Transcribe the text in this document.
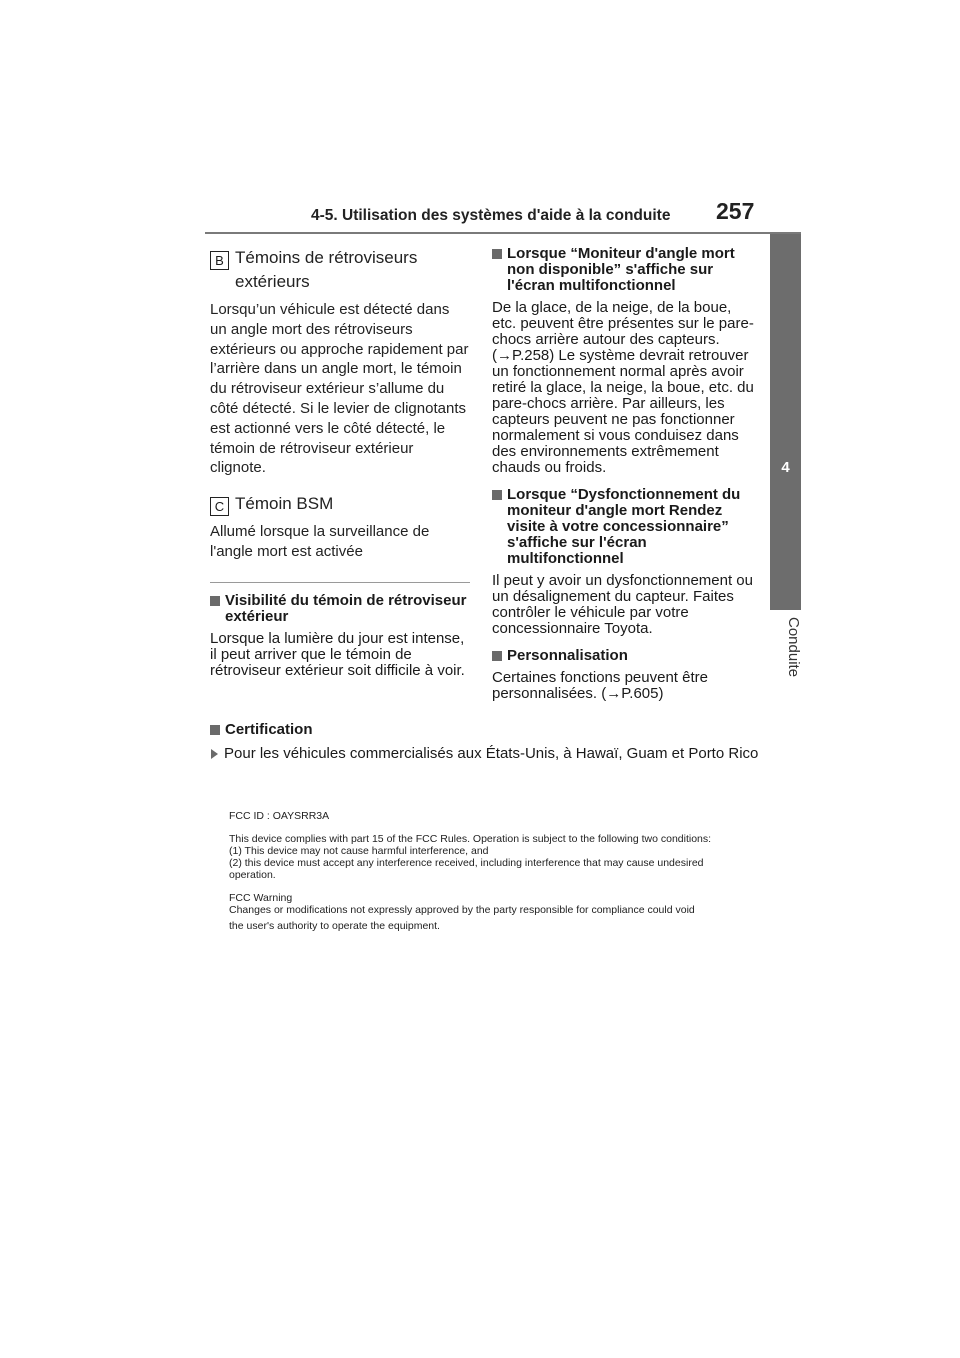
4-5. Utilisation des systèmes d'aide à la conduite	257
4
Conduite
B Témoins de rétroviseurs
extérieurs
Lorsqu’un véhicule est détecté dans un angle mort des rétroviseurs extérieurs ou approche rapidement par l’arrière dans un angle mort, le témoin du rétroviseur extérieur s’allume du côté détecté. Si le levier de clignotants est actionné vers le côté détecté, le témoin de rétroviseur extérieur clignote.
C Témoin BSM
Allumé lorsque la surveillance de l'angle mort est activée
Visibilité du témoin de rétroviseur extérieur
Lorsque la lumière du jour est intense, il peut arriver que le témoin de rétroviseur extérieur soit difficile à voir.
Lorsque “Moniteur d'angle mort non disponible” s'affiche sur l'écran multifonctionnel
De la glace, de la neige, de la boue, etc. peuvent être présentes sur le pare-chocs arrière autour des capteurs. (→P.258) Le système devrait retrouver un fonctionnement normal après avoir retiré la glace, la neige, la boue, etc. du pare-chocs arrière. Par ailleurs, les capteurs peuvent ne pas fonctionner normalement si vous conduisez dans des environnements extrêmement chauds ou froids.
Lorsque “Dysfonctionnement du moniteur d'angle mort Rendez visite à votre concessionnaire” s'affiche sur l'écran multifonctionnel
Il peut y avoir un dysfonctionnement ou un désalignement du capteur. Faites contrôler le véhicule par votre concessionnaire Toyota.
Personnalisation
Certaines fonctions peuvent être personnalisées. (→P.605)
Certification
Pour les véhicules commercialisés aux États-Unis, à Hawaï, Guam et Porto Rico

FCC ID : OAYSRR3A

This device complies with part 15 of the FCC Rules. Operation is subject to the following two conditions:

(1) This device may not cause harmful interference, and

(2) this device must accept any interference received, including interference that may cause undesired

operation.

FCC Warning

Changes or modifications not expressly approved by the party responsible for compliance could void

the user's authority to operate the equipment.
